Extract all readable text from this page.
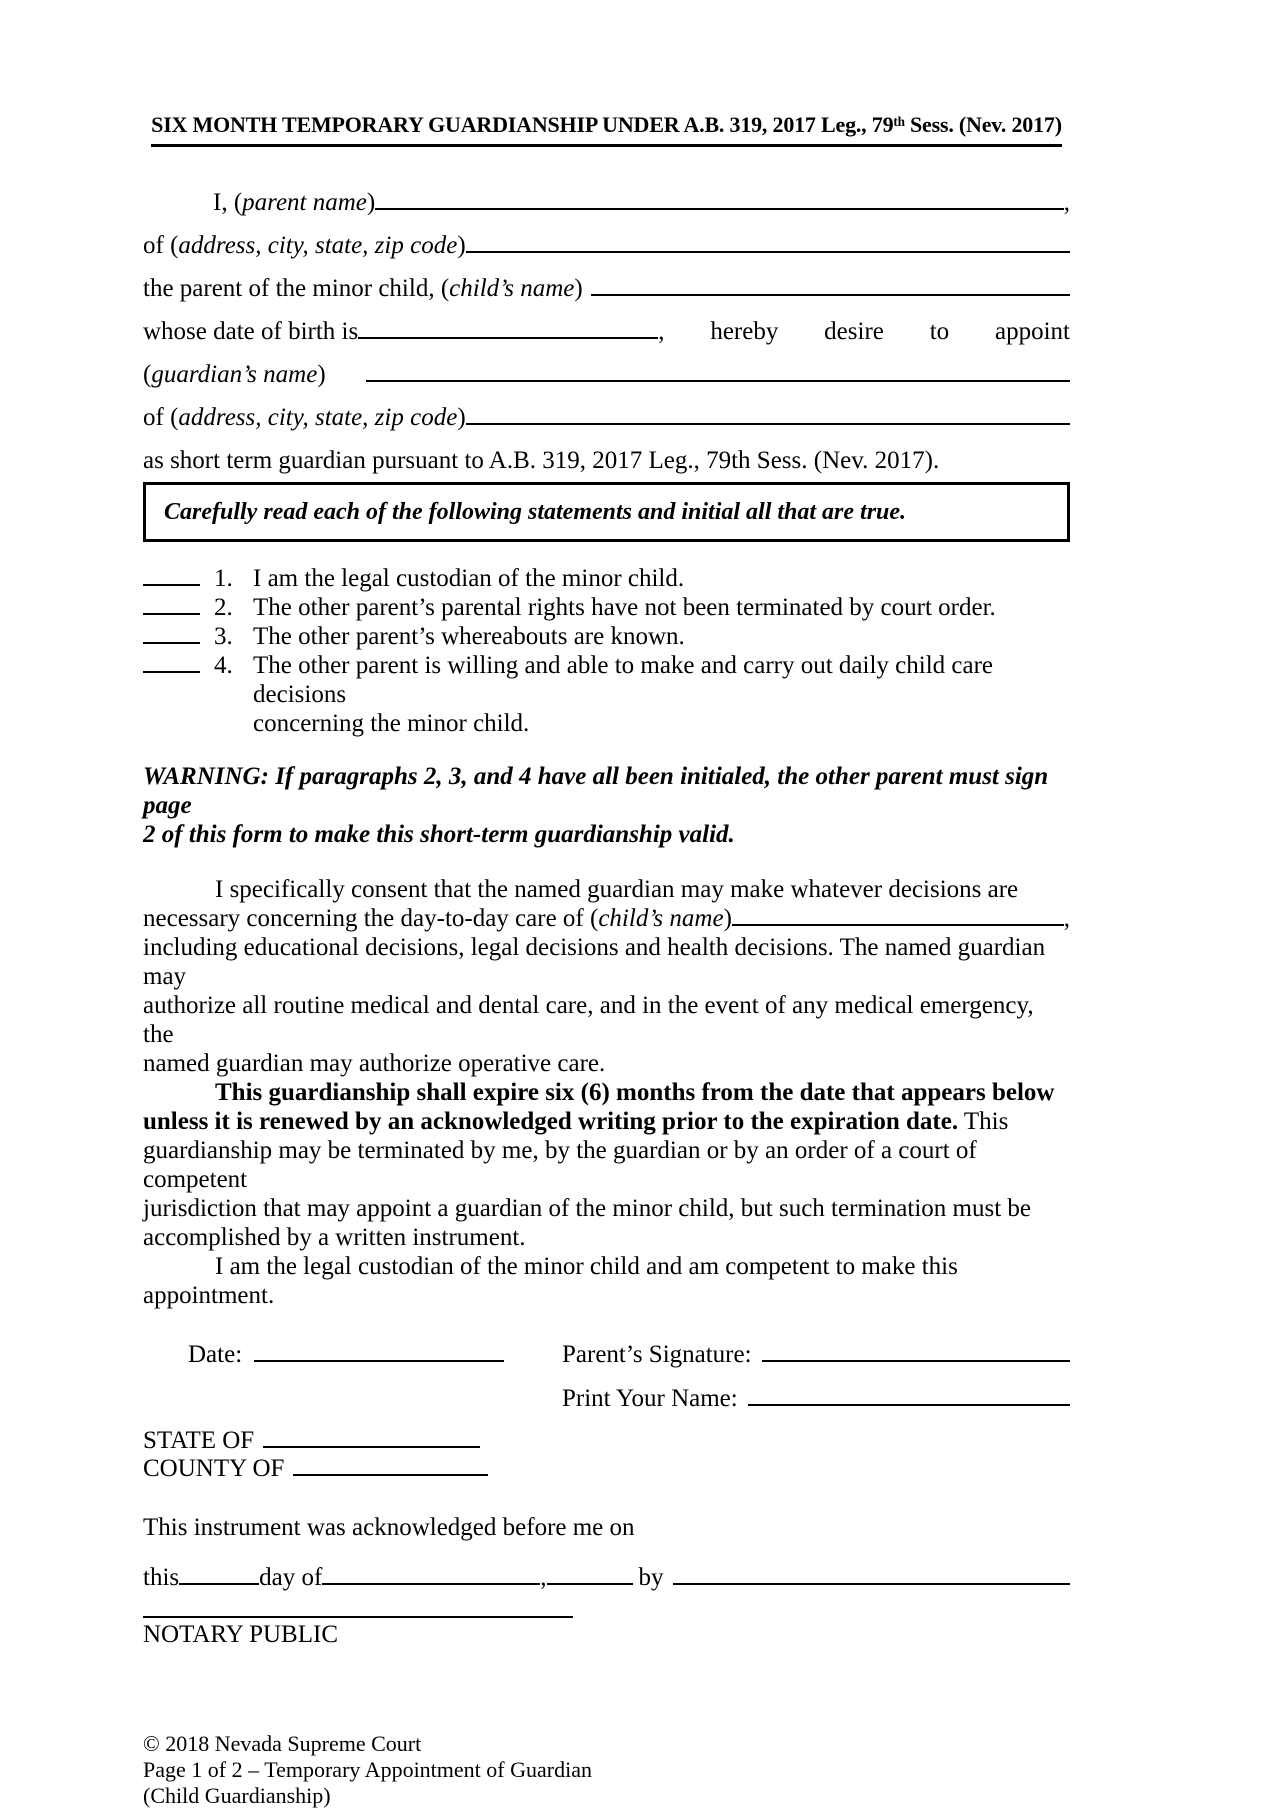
SIX MONTH TEMPORARY GUARDIANSHIP UNDER A.B. 319, 2017 Leg., 79th Sess. (Nev. 2017)
I, (parent name)	,
of (address, city, state, zip code)
the parent of the minor child, (child’s name)
whose date of birth is	, hereby desire to appoint
(guardian’s name)
of (address, city, state, zip code)
as short term guardian pursuant to A.B. 319, 2017 Leg., 79th Sess. (Nev. 2017).
Carefully read each of the following statements and initial all that are true.
1. I am the legal custodian of the minor child.
2. The other parent’s parental rights have not been terminated by court order.
3. The other parent’s whereabouts are known.
4. The other parent is willing and able to make and carry out daily child care decisions
concerning the minor child.
WARNING: If paragraphs 2, 3, and 4 have all been initialed, the other parent must sign page
2 of this form to make this short-term guardianship valid.
I specifically consent that the named guardian may make whatever decisions are
necessary concerning the day-to-day care of (child’s name)	,
including educational decisions, legal decisions and health decisions. The named guardian may
authorize all routine medical and dental care, and in the event of any medical emergency, the
named guardian may authorize operative care.
This guardianship shall expire six (6) months from the date that appears below
unless it is renewed by an acknowledged writing prior to the expiration date. This
guardianship may be terminated by me, by the guardian or by an order of a court of competent
jurisdiction that may appoint a guardian of the minor child, but such termination must be
accomplished by a written instrument.
I am the legal custodian of the minor child and am competent to make this appointment.
Date:	Parent’s Signature:
Print Your Name:
STATE OF
COUNTY OF
This instrument was acknowledged before me on
this	day of	,	by
NOTARY PUBLIC
© 2018 Nevada Supreme Court
Page 1 of 2 – Temporary Appointment of Guardian
(Child Guardianship)
